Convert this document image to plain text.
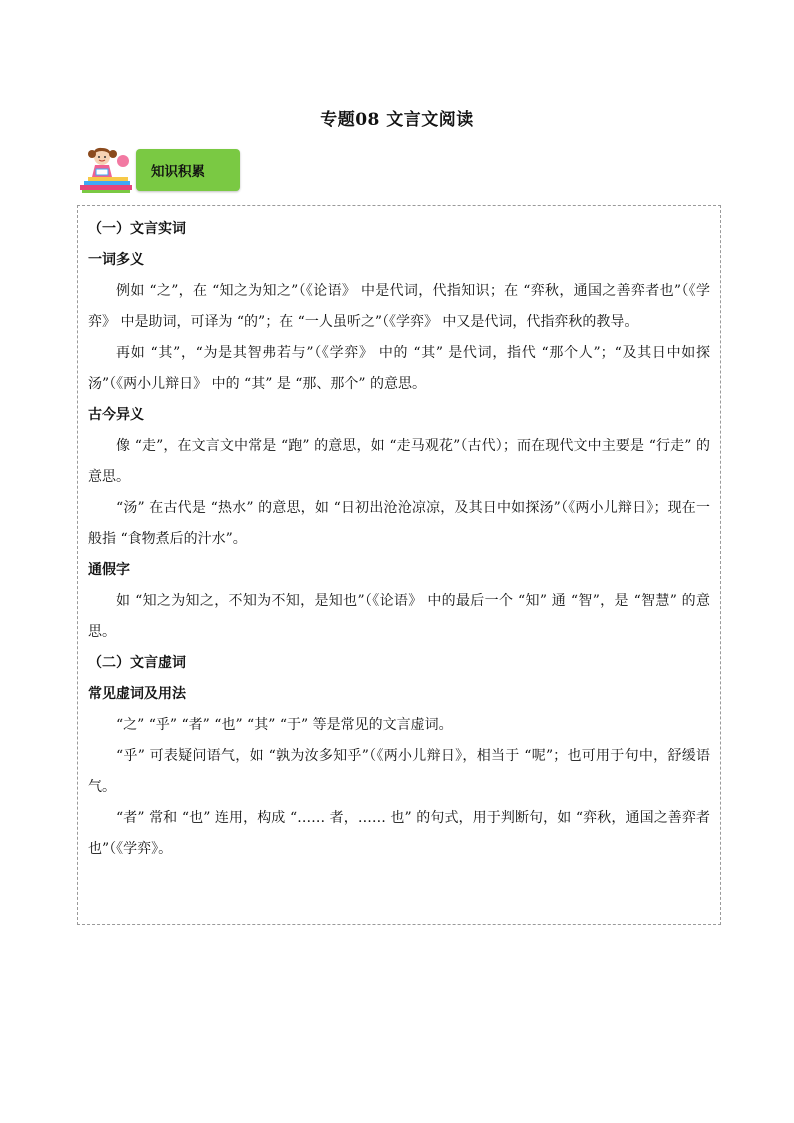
专题08 文言文阅读
知识积累

（一）文言实词

一词多义

例如 “之”，在 “知之为知之”（《论语》 中是代词，代指知识；在 “弈秋，通国之善弈者也”（《学弈》 中是助词，可译为 “的”；在 “一人虽听之”（《学弈》 中又是代词，代指弈秋的教导。

再如 “其”，“为是其智弗若与”（《学弈》 中的 “其” 是代词，指代 “那个人”；“及其日中如探汤”（《两小儿辩日》 中的 “其” 是 “那、那个” 的意思。

古今异义

像 “走”，在文言文中常是 “跑” 的意思，如 “走马观花”（古代）；而在现代文中主要是 “行走” 的意思。

“汤” 在古代是 “热水” 的意思，如 “日初出沧沧凉凉，及其日中如探汤”（《两小儿辩日》；现在一般指 “食物煮后的汁水”。

通假字

如 “知之为知之，不知为不知，是知也”（《论语》 中的最后一个 “知” 通 “智”，是 “智慧” 的意思。

（二）文言虚词

常见虚词及用法

“之” “乎” “者” “也” “其” “于” 等是常见的文言虚词。

“乎” 可表疑问语气，如 “孰为汝多知乎”（《两小儿辩日》，相当于 “呢”；也可用于句中，舒缓语气。

“者” 常和 “也” 连用，构成 “…… 者，…… 也” 的句式，用于判断句，如 “弈秋，通国之善弈者也”（《学弈》。
